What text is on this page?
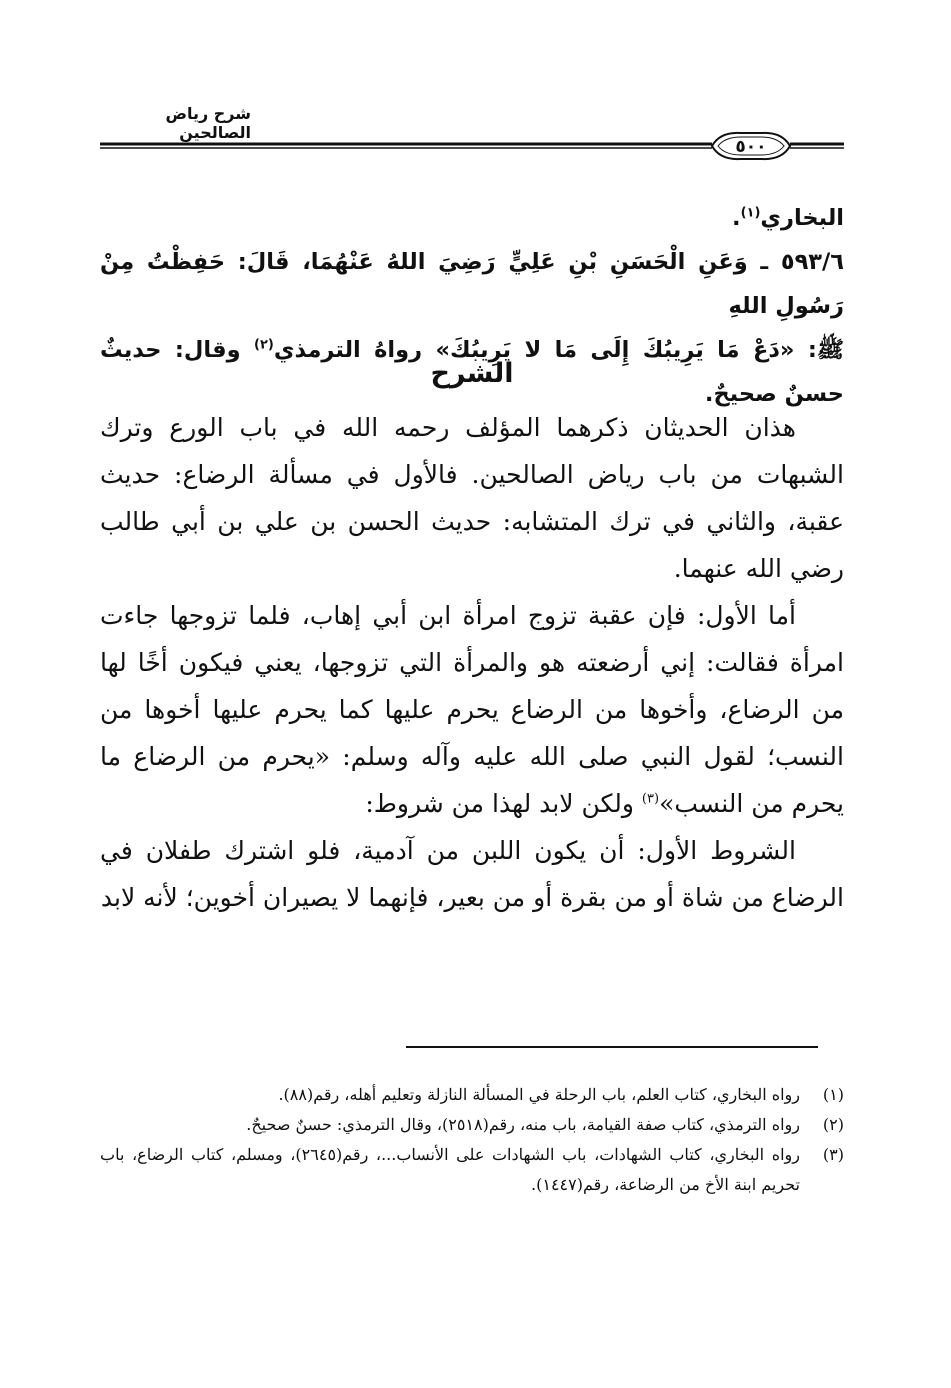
شرح رياض الصالحين
٥٠٠
البخاري$^{(١)}$.
٥٩٣/٦ ـ وَعَنِ الْحَسَنِ بْنِ عَلِيٍّ رَضِيَ اللهُ عَنْهُمَا، قَالَ: حَفِظْتُ مِنْ رَسُولِ اللهِ
ﷺ: «دَعْ مَا يَرِيبُكَ إِلَى مَا لا يَرِيبُكَ» رواهُ الترمذي$^{(٢)}$ وقال: حديثٌ حسنٌ صحيحٌ.
الشرح

هذان الحديثان ذكرهما المؤلف رحمه الله في باب الورع وترك الشبهات من باب رياض الصالحين. فالأول في مسألة الرضاع: حديث عقبة، والثاني في ترك المتشابه: حديث الحسن بن علي بن أبي طالب رضي الله عنهما.

أما الأول: فإن عقبة تزوج امرأة ابن أبي إهاب، فلما تزوجها جاءت امرأة فقالت: إني أرضعته هو والمرأة التي تزوجها، يعني فيكون أخًا لها من الرضاع، وأخوها من الرضاع يحرم عليها كما يحرم عليها أخوها من النسب؛ لقول النبي صلى الله عليه وآله وسلم: «يحرم من الرضاع ما يحرم من النسب»$^{(٣)}$ ولكن لابد لهذا من شروط:

الشروط الأول: أن يكون اللبن من آدمية، فلو اشترك طفلان في الرضاع من شاة أو من بقرة أو من بعير، فإنهما لا يصيران أخوين؛ لأنه لابد

(١)
رواه البخاري، كتاب العلم، باب الرحلة في المسألة النازلة وتعليم أهله، رقم(٨٨).
(٢)
رواه الترمذي، كتاب صفة القيامة، باب منه، رقم(٢٥١٨)، وقال الترمذي: حسنٌ صحيحٌ.
(٣)
رواه البخاري، كتاب الشهادات، باب الشهادات على الأنساب...، رقم(٢٦٤٥)، ومسلم، كتاب الرضاع، باب تحريم ابنة الأخ من الرضاعة، رقم(١٤٤٧).
